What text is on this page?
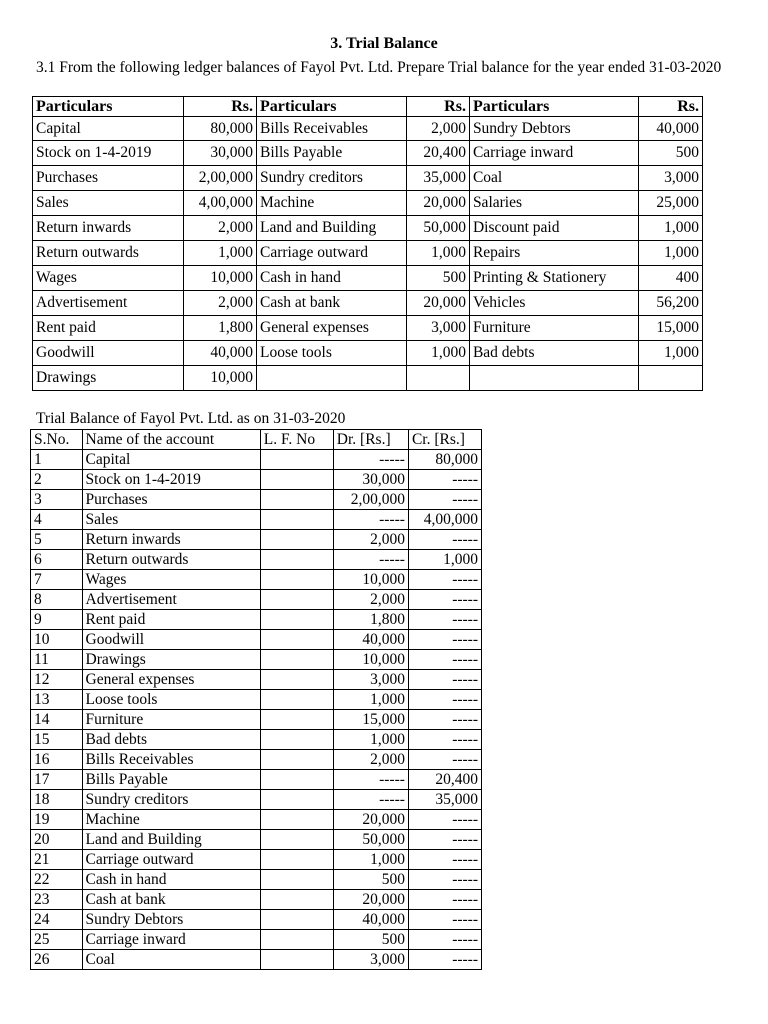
3. Trial Balance
3.1 From the following ledger balances of Fayol Pvt. Ltd. Prepare Trial balance for the year ended 31-03-2020
Particulars	Rs.	Particulars	Rs.	Particulars	Rs.
Capital	80,000	Bills Receivables	2,000	Sundry Debtors	40,000
Stock on 1-4-2019	30,000	Bills Payable	20,400	Carriage inward	500
Purchases	2,00,000	Sundry creditors	35,000	Coal	3,000
Sales	4,00,000	Machine	20,000	Salaries	25,000
Return inwards	2,000	Land and Building	50,000	Discount paid	1,000
Return outwards	1,000	Carriage outward	1,000	Repairs	1,000
Wages	10,000	Cash in hand	500	Printing & Stationery	400
Advertisement	2,000	Cash at bank	20,000	Vehicles	56,200
Rent paid	1,800	General expenses	3,000	Furniture	15,000
Goodwill	40,000	Loose tools	1,000	Bad debts	1,000
Drawings	10,000				
Trial Balance of Fayol Pvt. Ltd. as on 31-03-2020
S.No.	Name of the account	L. F. No	Dr. [Rs.]	Cr. [Rs.]
1	Capital		-----	80,000
2	Stock on 1-4-2019		30,000	-----
3	Purchases		2,00,000	-----
4	Sales		-----	4,00,000
5	Return inwards		2,000	-----
6	Return outwards		-----	1,000
7	Wages		10,000	-----
8	Advertisement		2,000	-----
9	Rent paid		1,800	-----
10	Goodwill		40,000	-----
11	Drawings		10,000	-----
12	General expenses		3,000	-----
13	Loose tools		1,000	-----
14	Furniture		15,000	-----
15	Bad debts		1,000	-----
16	Bills Receivables		2,000	-----
17	Bills Payable		-----	20,400
18	Sundry creditors		-----	35,000
19	Machine		20,000	-----
20	Land and Building		50,000	-----
21	Carriage outward		1,000	-----
22	Cash in hand		500	-----
23	Cash at bank		20,000	-----
24	Sundry Debtors		40,000	-----
25	Carriage inward		500	-----
26	Coal		3,000	-----
